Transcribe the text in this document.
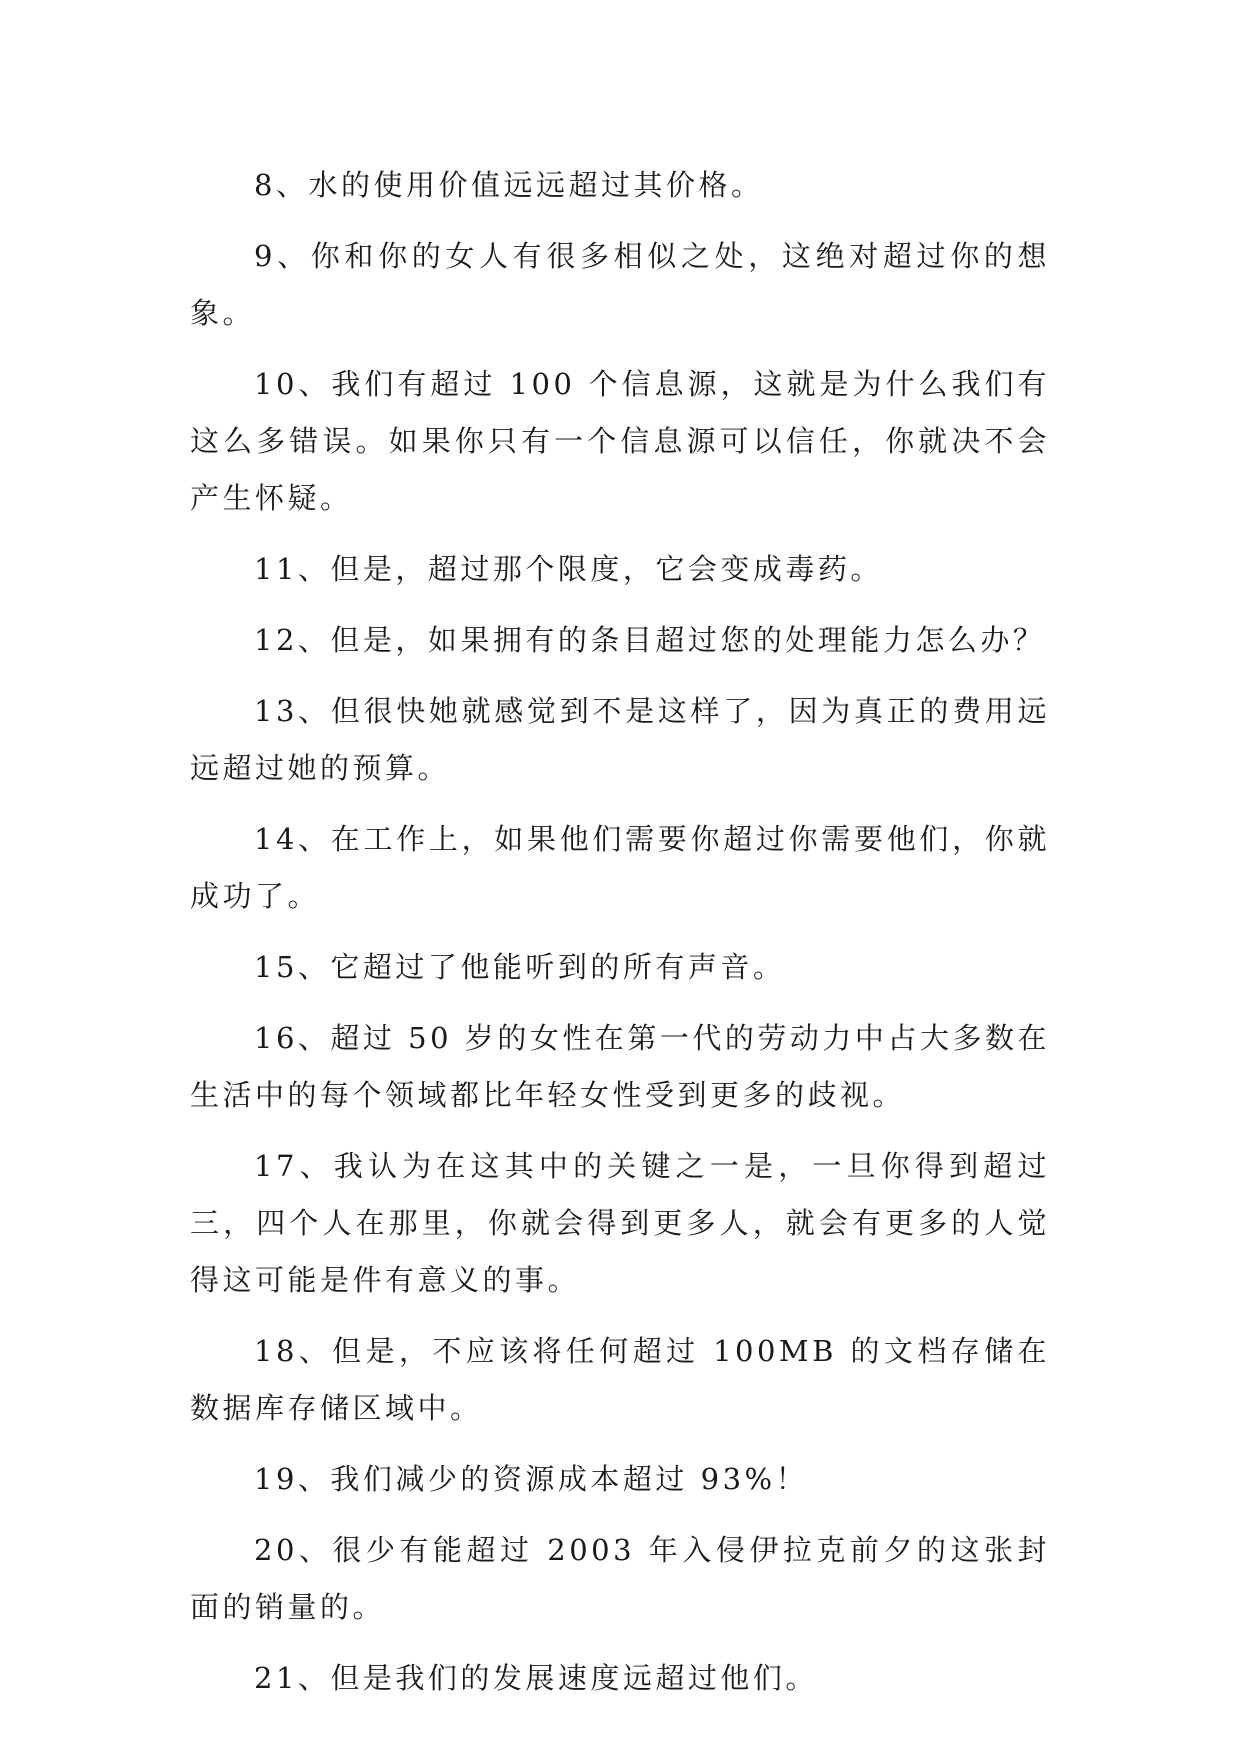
8、水的使用价值远远超过其价格。

9、你和你的女人有很多相似之处，这绝对超过你的想象。

10、我们有超过 100 个信息源，这就是为什么我们有这么多错误。如果你只有一个信息源可以信任，你就决不会产生怀疑。

11、但是，超过那个限度，它会变成毒药。

12、但是，如果拥有的条目超过您的处理能力怎么办？

13、但很快她就感觉到不是这样了，因为真正的费用远远超过她的预算。

14、在工作上，如果他们需要你超过你需要他们，你就成功了。

15、它超过了他能听到的所有声音。

16、超过 50 岁的女性在第一代的劳动力中占大多数在生活中的每个领域都比年轻女性受到更多的歧视。

17、我认为在这其中的关键之一是，一旦你得到超过三，四个人在那里，你就会得到更多人，就会有更多的人觉得这可能是件有意义的事。

18、但是，不应该将任何超过 100MB 的文档存储在数据库存储区域中。

19、我们减少的资源成本超过 93%！

20、很少有能超过 2003 年入侵伊拉克前夕的这张封面的销量的。

21、但是我们的发展速度远超过他们。
